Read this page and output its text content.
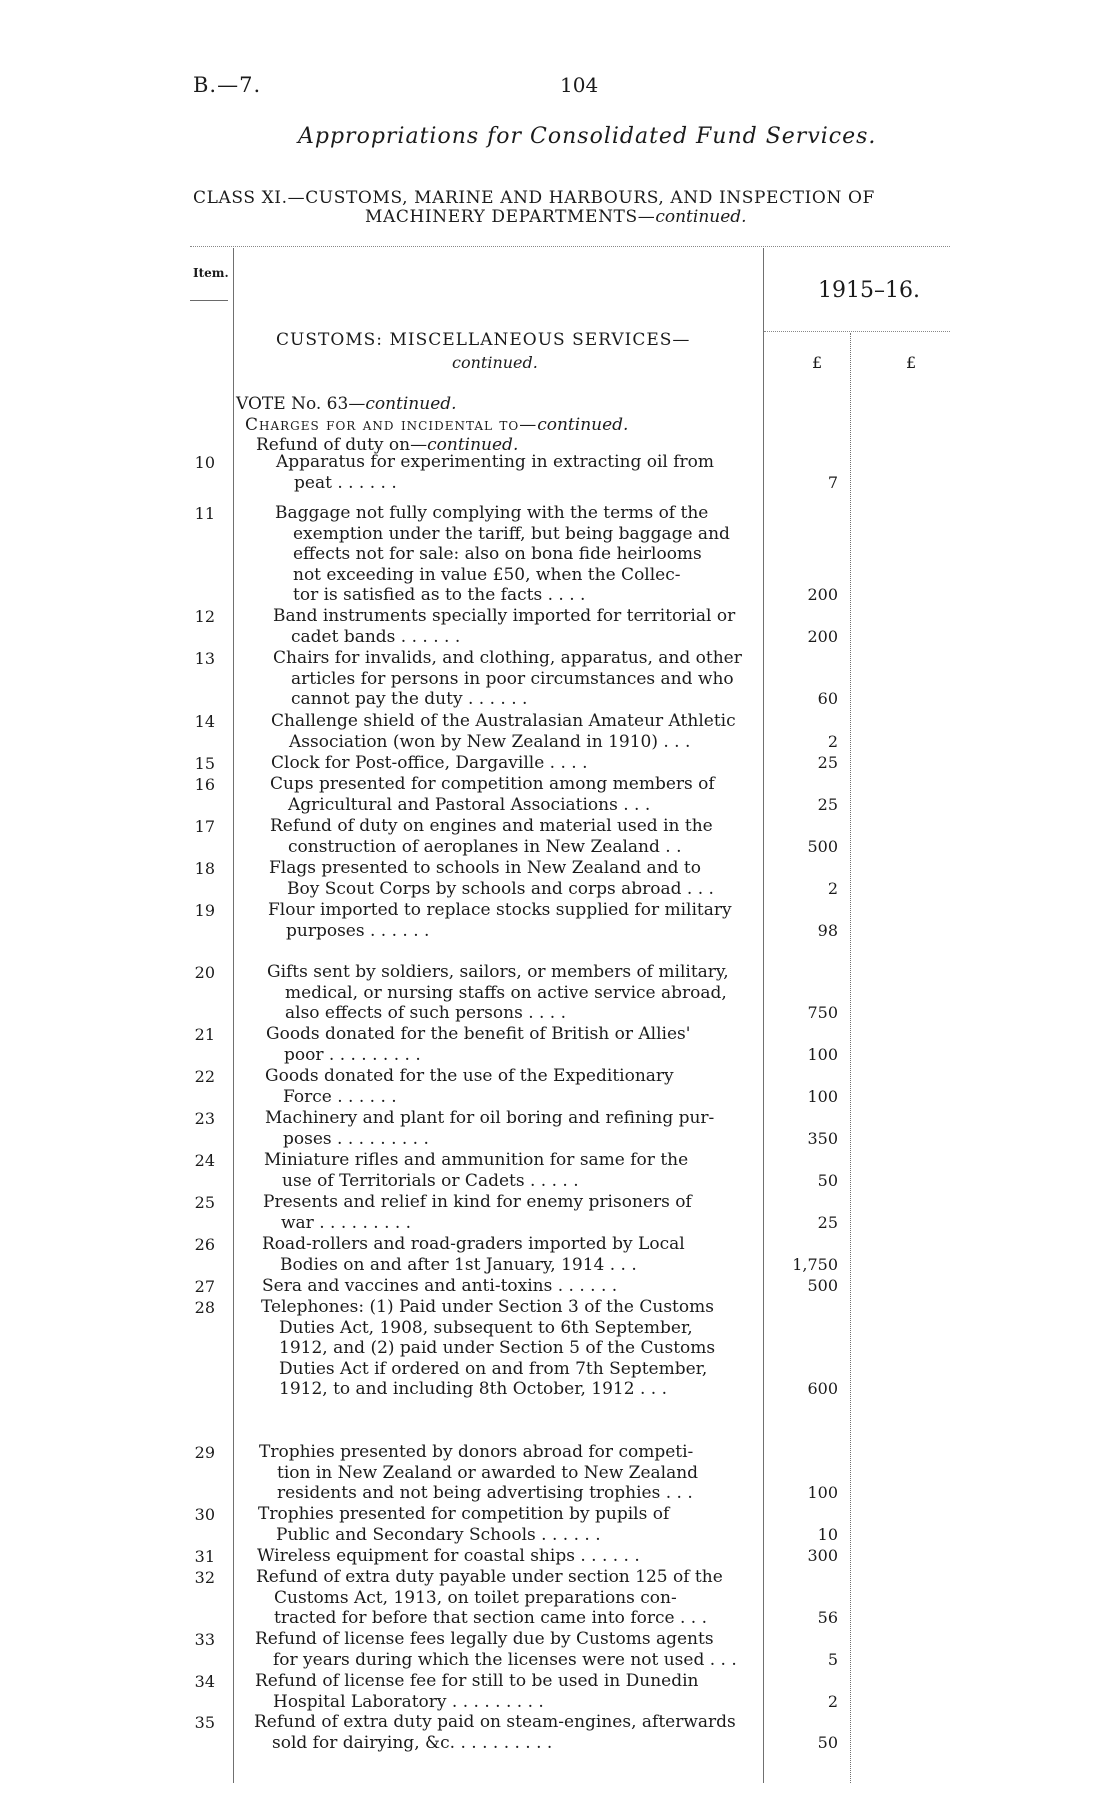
B.—7.	104
Appropriations for Consolidated Fund Services.
CLASS XI.—CUSTOMS, MARINE AND HARBOURS, AND INSPECTION OF
MACHINERY DEPARTMENTS—continued.
Item.
1915–16.
CUSTOMS: MISCELLANEOUS SERVICES—
continued.	£	£
VOTE No. 63—continued.
Charges for and incidental to—continued.
Refund of duty on—continued.
10	Apparatus for experimenting in extracting oil from
peat . . . . . .	7
11	Baggage not fully complying with the terms of the
exemption under the tariff, but being baggage and
effects not for sale: also on bona fide heirlooms
not exceeding in value £50, when the Collec-
tor is satisfied as to the facts . . . .	200
12	Band instruments specially imported for territorial or
cadet bands . . . . . .	200
13	Chairs for invalids, and clothing, apparatus, and other
articles for persons in poor circumstances and who
cannot pay the duty . . . . . .	60
14	Challenge shield of the Australasian Amateur Athletic
Association (won by New Zealand in 1910) . . .	2
15	Clock for Post-office, Dargaville . . . .	25
16	Cups presented for competition among members of
Agricultural and Pastoral Associations . . .	25
17	Refund of duty on engines and material used in the
construction of aeroplanes in New Zealand . .	500
18	Flags presented to schools in New Zealand and to
Boy Scout Corps by schools and corps abroad . . .	2
19	Flour imported to replace stocks supplied for military
purposes . . . . . .	98
20	Gifts sent by soldiers, sailors, or members of military,
medical, or nursing staffs on active service abroad,
also effects of such persons . . . .	750
21	Goods donated for the benefit of British or Allies'
poor . . . . . . . . .	100
22	Goods donated for the use of the Expeditionary
Force . . . . . .	100
23	Machinery and plant for oil boring and refining pur-
poses . . . . . . . . .	350
24	Miniature rifles and ammunition for same for the
use of Territorials or Cadets . . . . .	50
25	Presents and relief in kind for enemy prisoners of
war . . . . . . . . .	25
26	Road-rollers and road-graders imported by Local
Bodies on and after 1st January, 1914 . . .	1,750
27	Sera and vaccines and anti-toxins . . . . . .	500
28	Telephones: (1) Paid under Section 3 of the Customs
Duties Act, 1908, subsequent to 6th September,
1912, and (2) paid under Section 5 of the Customs
Duties Act if ordered on and from 7th September,
1912, to and including 8th October, 1912 . . .	600
29	Trophies presented by donors abroad for competi-
tion in New Zealand or awarded to New Zealand
residents and not being advertising trophies . . .	100
30	Trophies presented for competition by pupils of
Public and Secondary Schools . . . . . .	10
31 Wireless equipment for coastal ships . . . . . .	300
32 Refund of extra duty payable under section 125 of the
Customs Act, 1913, on toilet preparations con-
tracted for before that section came into force . . .	56
33 Refund of license fees legally due by Customs agents
for years during which the licenses were not used . . .	5
34 Refund of license fee for still to be used in Dunedin
Hospital Laboratory . . . . . . . . .	2
35 Refund of extra duty paid on steam-engines, afterwards
sold for dairying, &c. . . . . . . . . .	50
